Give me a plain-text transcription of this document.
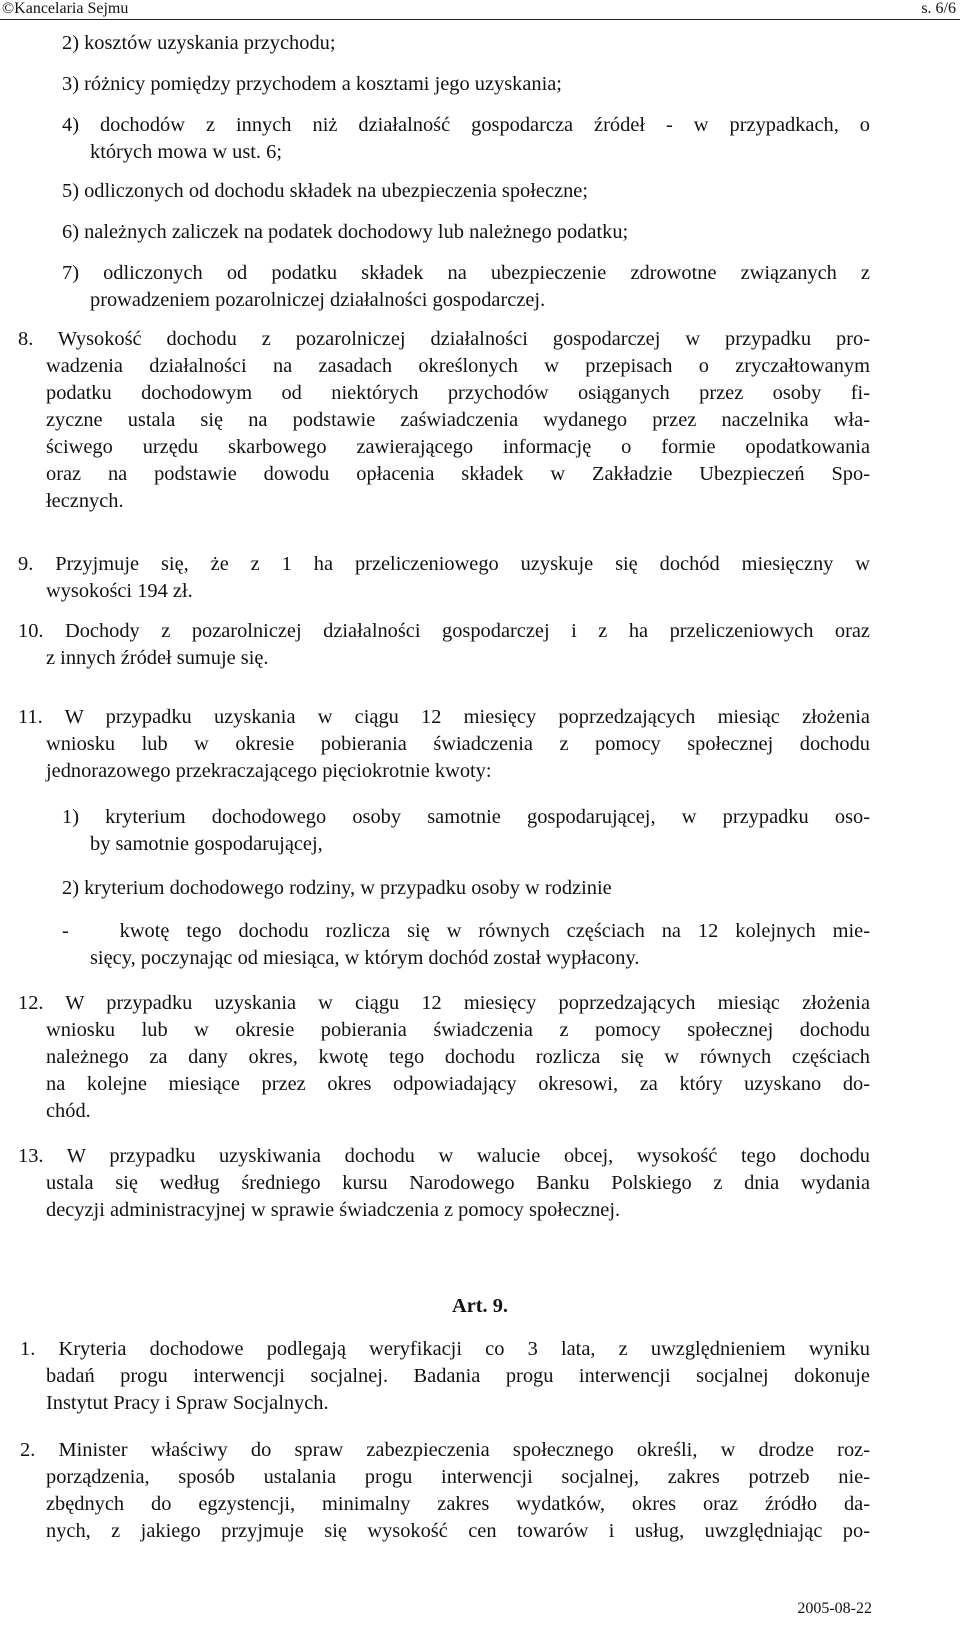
©Kancelaria Sejmu	s. 6/6
2) kosztów uzyskania przychodu;
3) różnicy pomiędzy przychodem a kosztami jego uzyskania;
4) dochodów z innych niż działalność gospodarcza źródeł - w przypadkach, o
których mowa w ust. 6;
5) odliczonych od dochodu składek na ubezpieczenia społeczne;
6) należnych zaliczek na podatek dochodowy lub należnego podatku;
7) odliczonych od podatku składek na ubezpieczenie zdrowotne związanych z
prowadzeniem pozarolniczej działalności gospodarczej.
8. Wysokość dochodu z pozarolniczej działalności gospodarczej w przypadku pro-
wadzenia działalności na zasadach określonych w przepisach o zryczałtowanym
podatku dochodowym od niektórych przychodów osiąganych przez osoby fi-
zyczne ustala się na podstawie zaświadczenia wydanego przez naczelnika wła-
ściwego urzędu skarbowego zawierającego informację o formie opodatkowania
oraz na podstawie dowodu opłacenia składek w Zakładzie Ubezpieczeń Spo-
łecznych.
9. Przyjmuje się, że z 1 ha przeliczeniowego uzyskuje się dochód miesięczny w
wysokości 194 zł.
10. Dochody z pozarolniczej działalności gospodarczej i z ha przeliczeniowych oraz
z innych źródeł sumuje się.
11. W przypadku uzyskania w ciągu 12 miesięcy poprzedzających miesiąc złożenia
wniosku lub w okresie pobierania świadczenia z pomocy społecznej dochodu
jednorazowego przekraczającego pięciokrotnie kwoty:
1) kryterium dochodowego osoby samotnie gospodarującej, w przypadku oso-
by samotnie gospodarującej,
2) kryterium dochodowego rodziny, w przypadku osoby w rodzinie
-   kwotę tego dochodu rozlicza się w równych częściach na 12 kolejnych mie-
sięcy, poczynając od miesiąca, w którym dochód został wypłacony.
12. W przypadku uzyskania w ciągu 12 miesięcy poprzedzających miesiąc złożenia
wniosku lub w okresie pobierania świadczenia z pomocy społecznej dochodu
należnego za dany okres, kwotę tego dochodu rozlicza się w równych częściach
na kolejne miesiące przez okres odpowiadający okresowi, za który uzyskano do-
chód.
13. W przypadku uzyskiwania dochodu w walucie obcej, wysokość tego dochodu
ustala się według średniego kursu Narodowego Banku Polskiego z dnia wydania
decyzji administracyjnej w sprawie świadczenia z pomocy społecznej.
Art. 9.
1. Kryteria dochodowe podlegają weryfikacji co 3 lata, z uwzględnieniem wyniku
badań progu interwencji socjalnej. Badania progu interwencji socjalnej dokonuje
Instytut Pracy i Spraw Socjalnych.
2. Minister właściwy do spraw zabezpieczenia społecznego określi, w drodze roz-
porządzenia, sposób ustalania progu interwencji socjalnej, zakres potrzeb nie-
zbędnych do egzystencji, minimalny zakres wydatków, okres oraz źródło da-
nych, z jakiego przyjmuje się wysokość cen towarów i usług, uwzględniając po-
2005-08-22
